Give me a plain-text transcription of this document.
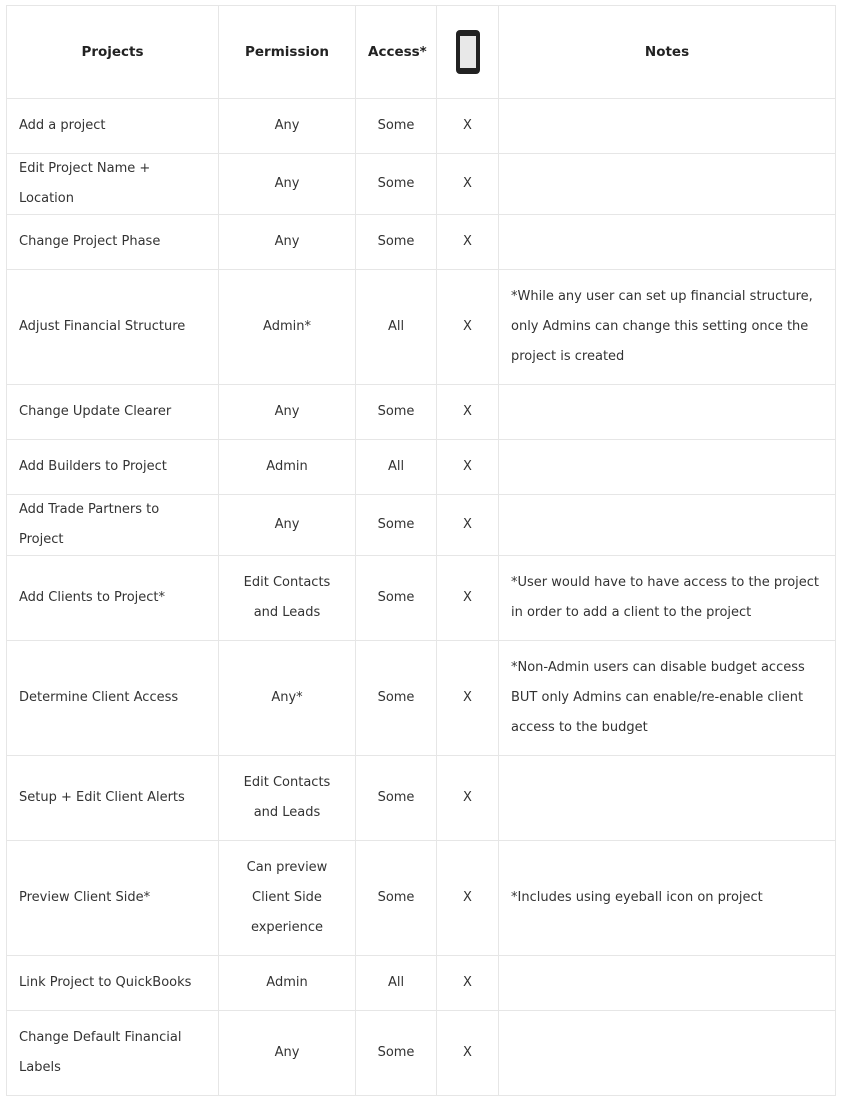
Projects	Permission	Access*		Notes
Add a project	Any	Some	X	
Edit Project Name + Location	Any	Some	X	
Change Project Phase	Any	Some	X	
Adjust Financial Structure	Admin*	All	X	*While any user can set up financial structure, only Admins can change this setting once the project is created
Change Update Clearer	Any	Some	X	
Add Builders to Project	Admin	All	X	
Add Trade Partners to Project	Any	Some	X	
Add Clients to Project*	Edit Contacts and Leads	Some	X	*User would have to have access to the project in order to add a client to the project
Determine Client Access	Any*	Some	X	*Non-Admin users can disable budget access BUT only Admins can enable/re-enable client access to the budget
Setup + Edit Client Alerts	Edit Contacts and Leads	Some	X	
Preview Client Side*	Can preview Client Side experience	Some	X	*Includes using eyeball icon on project
Link Project to QuickBooks	Admin	All	X	
Change Default Financial Labels	Any	Some	X	
